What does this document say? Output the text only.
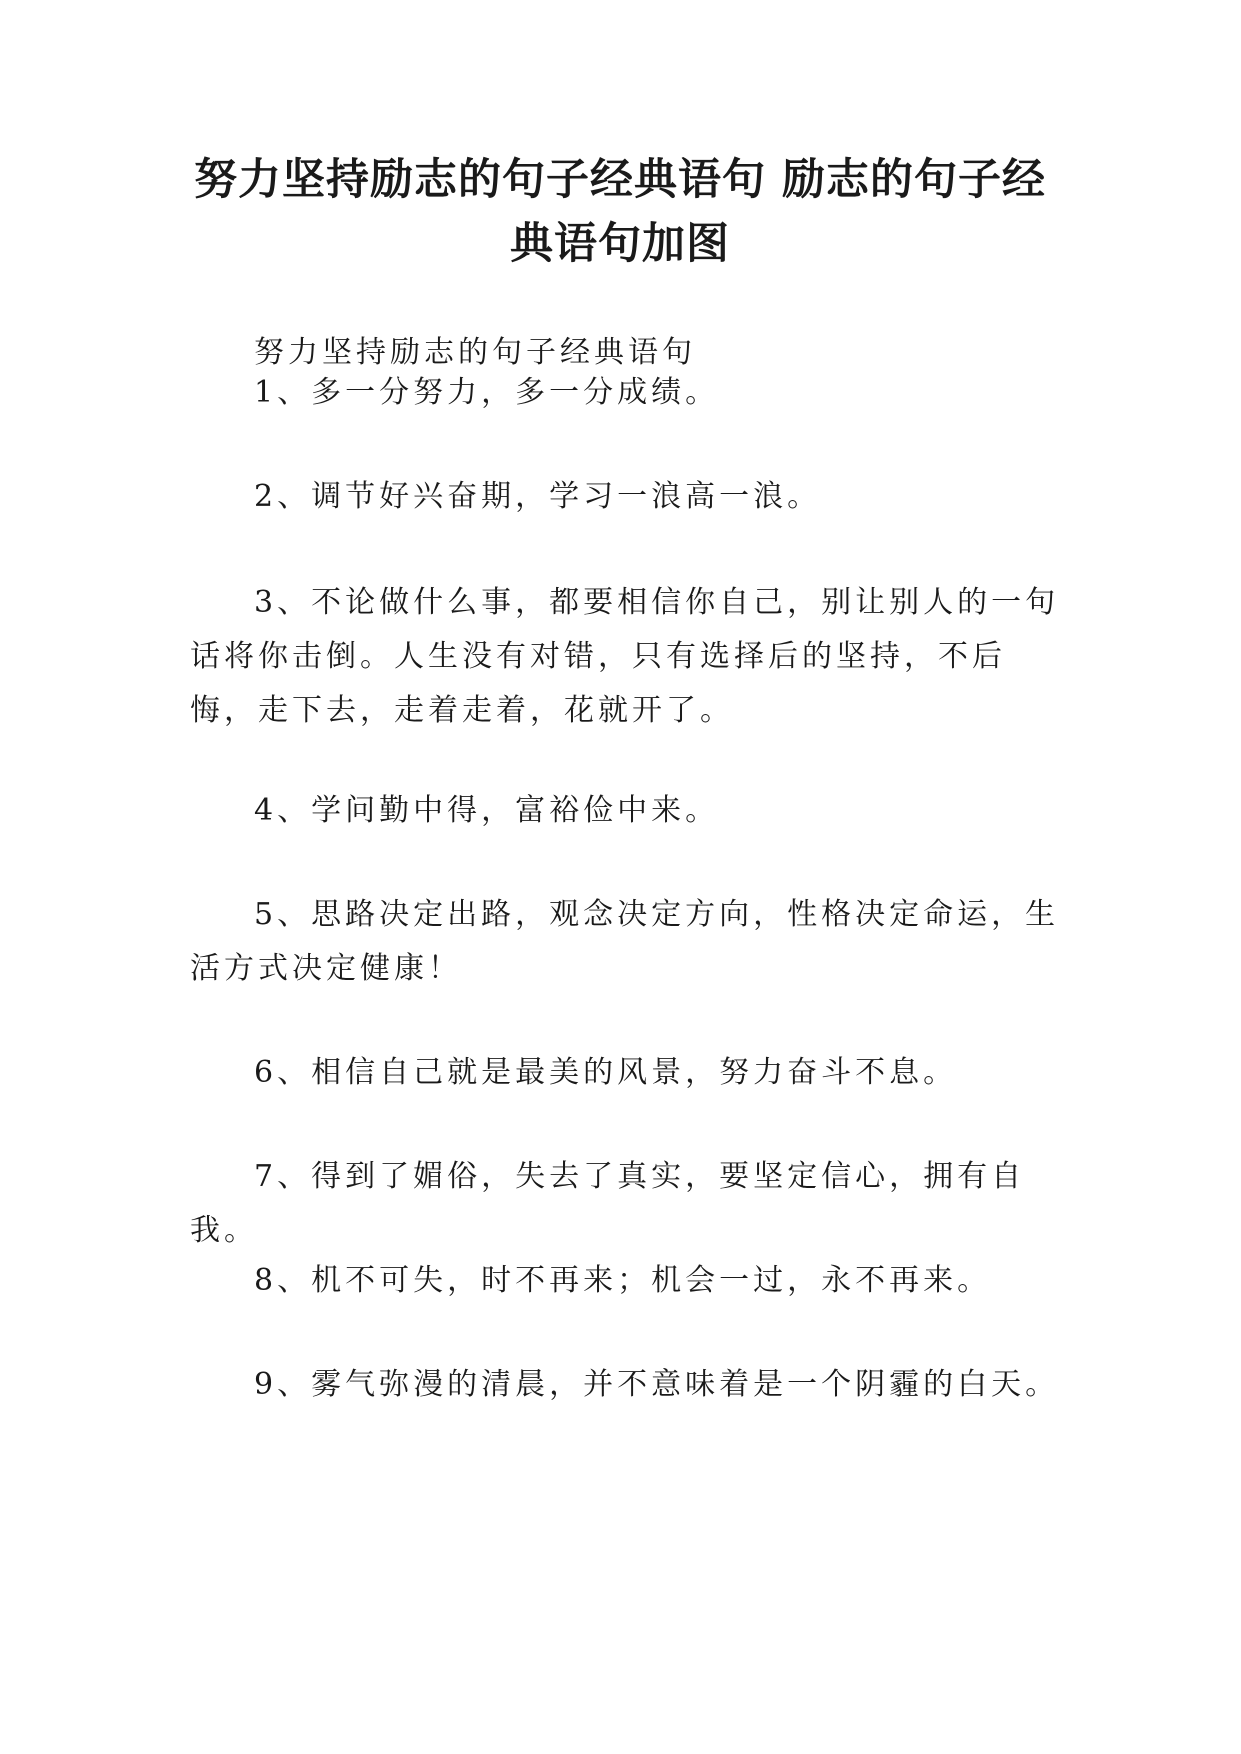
努力坚持励志的句子经典语句 励志的句子经典语句加图

努力坚持励志的句子经典语句

1、多一分努力，多一分成绩。

2、调节好兴奋期，学习一浪高一浪。

3、不论做什么事，都要相信你自己，别让别人的一句话将你击倒。人生没有对错，只有选择后的坚持，不后悔，走下去，走着走着，花就开了。

4、学问勤中得，富裕俭中来。

5、思路决定出路，观念决定方向，性格决定命运，生活方式决定健康！

6、相信自己就是最美的风景，努力奋斗不息。

7、得到了媚俗，失去了真实，要坚定信心，拥有自我。

8、机不可失，时不再来；机会一过，永不再来。

9、雾气弥漫的清晨，并不意味着是一个阴霾的白天。
